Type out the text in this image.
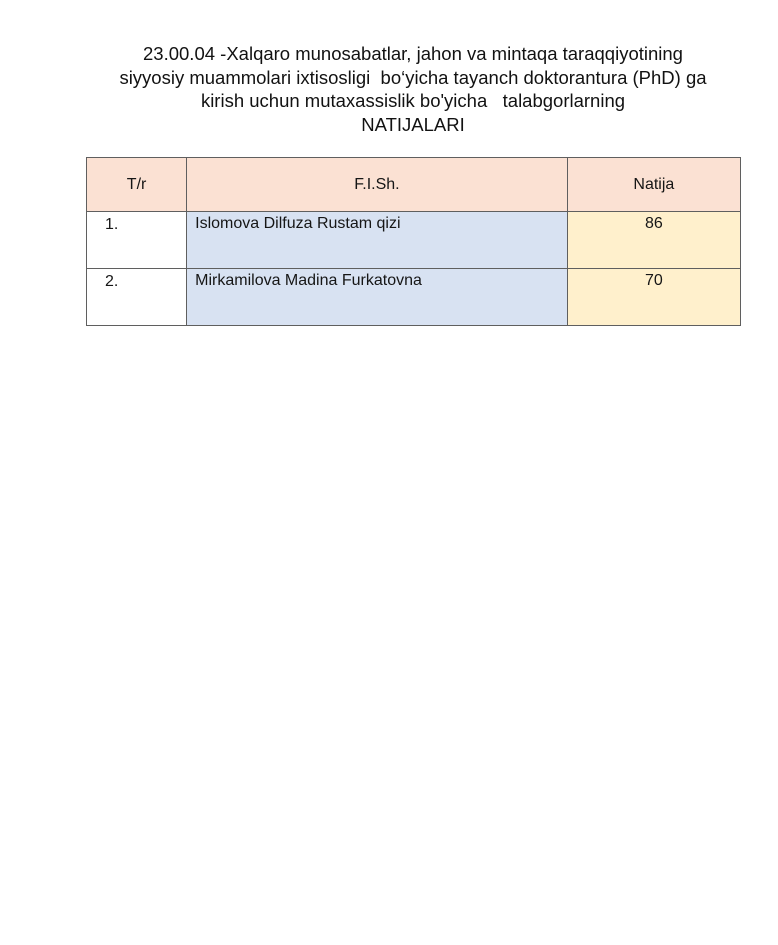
23.00.04 -Xalqaro munosabatlar, jahon va mintaqa taraqqiyotining
siyyosiy muammolari ixtisosligi  bo‘yicha tayanch doktorantura (PhD) ga
kirish uchun mutaxassislik bo'yicha   talabgorlarning
NATIJALARI
T/r	F.I.Sh.	Natija
1.	Islomova Dilfuza Rustam qizi	86
2.	Mirkamilova Madina Furkatovna	70
